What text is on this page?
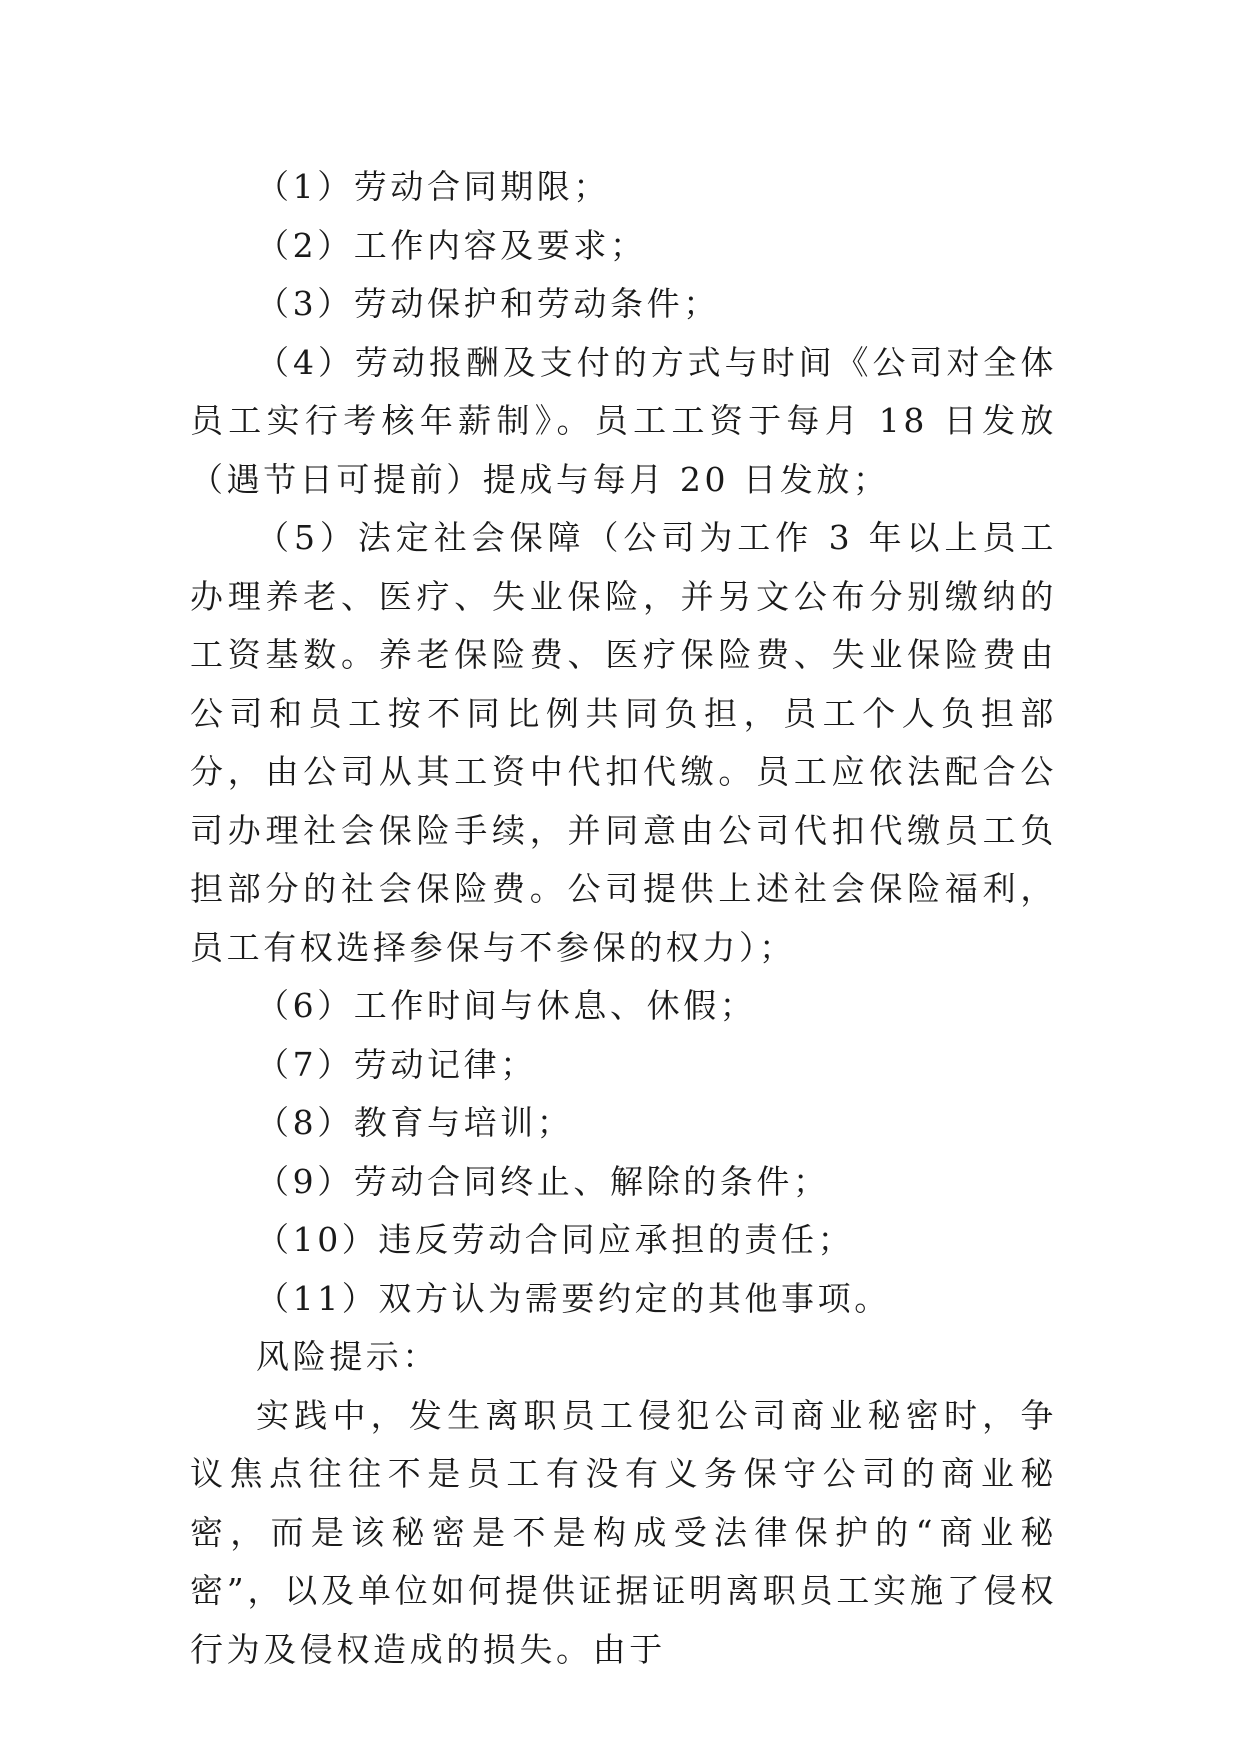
（1）劳动合同期限；

（2）工作内容及要求；

（3）劳动保护和劳动条件；

（4）劳动报酬及支付的方式与时间《公司对全体员工实行考核年薪制》。员工工资于每月 18 日发放（遇节日可提前）提成与每月 20 日发放；

（5）法定社会保障（公司为工作 3 年以上员工办理养老、医疗、失业保险，并另文公布分别缴纳的工资基数。养老保险费、医疗保险费、失业保险费由公司和员工按不同比例共同负担，员工个人负担部分，由公司从其工资中代扣代缴。员工应依法配合公司办理社会保险手续，并同意由公司代扣代缴员工负担部分的社会保险费。公司提供上述社会保险福利，员工有权选择参保与不参保的权力）；

（6）工作时间与休息、休假；

（7）劳动记律；

（8）教育与培训；

（9）劳动合同终止、解除的条件；

（10）违反劳动合同应承担的责任；

（11）双方认为需要约定的其他事项。

风险提示：

实践中，发生离职员工侵犯公司商业秘密时，争议焦点往往不是员工有没有义务保守公司的商业秘密，而是该秘密是不是构成受法律保护的“商业秘密”，以及单位如何提供证据证明离职员工实施了侵权行为及侵权造成的损失。由于
